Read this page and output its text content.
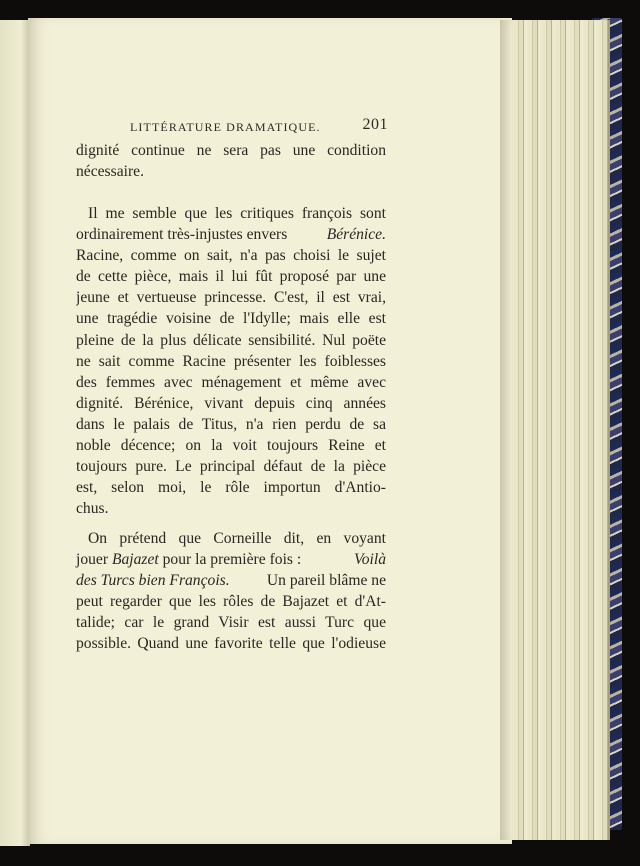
LITTÉRATURE DRAMATIQUE.	201
dignité continue ne sera pas une condition
nécessaire.
Il me semble que les critiques françois sont
ordinairement très-injustes envers	Bérénice.
Racine, comme on sait, n'a pas choisi le sujet
de cette pièce, mais il lui fût proposé par une
jeune et vertueuse princesse. C'est, il est vrai,
une tragédie voisine de l'Idylle; mais elle est
pleine de la plus délicate sensibilité. Nul poëte
ne sait comme Racine présenter les foiblesses
des femmes avec ménagement et même avec
dignité. Bérénice, vivant depuis cinq années
dans le palais de Titus, n'a rien perdu de sa
noble décence; on la voit toujours Reine et
toujours pure. Le principal défaut de la pièce
est, selon moi, le rôle importun d'Antio-
chus.
On prétend que Corneille dit, en voyant
jouer Bajazet pour la première fois :	Voilà
des Turcs bien François. Un pareil blâme ne
peut regarder que les rôles de Bajazet et d'At-
talide; car le grand Visir est aussi Turc que
possible. Quand une favorite telle que l'odieuse
